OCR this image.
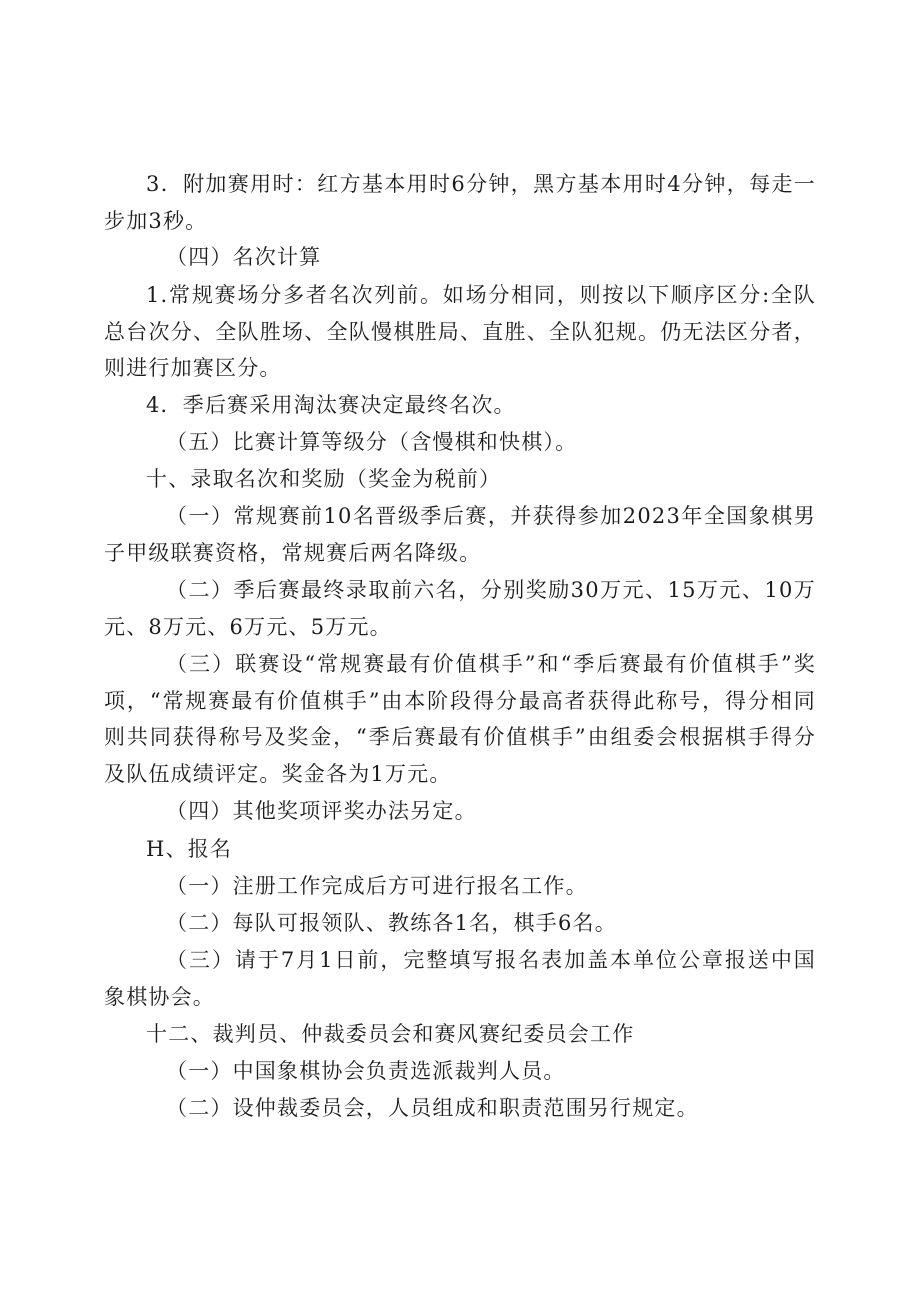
3．附加赛用时：红方基本用时6分钟，黑方基本用时4分钟，每走一步加3秒。

（四）名次计算

1.常规赛场分多者名次列前。如场分相同，则按以下顺序区分:全队总台次分、全队胜场、全队慢棋胜局、直胜、全队犯规。仍无法区分者，则进行加赛区分。

4．季后赛采用淘汰赛决定最终名次。

（五）比赛计算等级分（含慢棋和快棋）。

十、录取名次和奖励（奖金为税前）

（一）常规赛前10名晋级季后赛，并获得参加2023年全国象棋男子甲级联赛资格，常规赛后两名降级。

（二）季后赛最终录取前六名，分别奖励30万元、15万元、10万元、8万元、6万元、5万元。

（三）联赛设“常规赛最有价值棋手”和“季后赛最有价值棋手”奖项，“常规赛最有价值棋手”由本阶段得分最高者获得此称号，得分相同则共同获得称号及奖金，“季后赛最有价值棋手”由组委会根据棋手得分及队伍成绩评定。奖金各为1万元。

（四）其他奖项评奖办法另定。

H、报名

（一）注册工作完成后方可进行报名工作。

（二）每队可报领队、教练各1名，棋手6名。

（三）请于7月1日前，完整填写报名表加盖本单位公章报送中国象棋协会。

十二、裁判员、仲裁委员会和赛风赛纪委员会工作

（一）中国象棋协会负责选派裁判人员。

（二）设仲裁委员会，人员组成和职责范围另行规定。
